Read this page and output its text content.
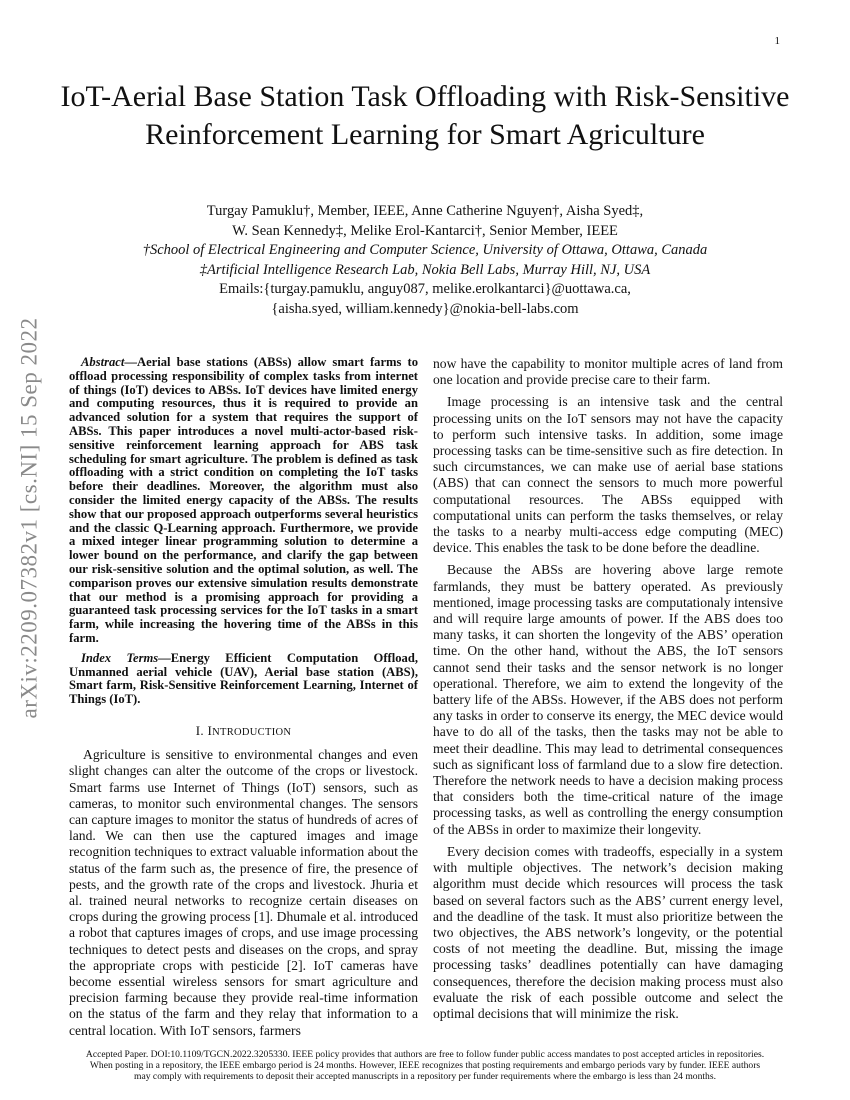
1
arXiv:2209.07382v1 [cs.NI] 15 Sep 2022
IoT-Aerial Base Station Task Offloading with Risk-Sensitive Reinforcement Learning for Smart Agriculture
Turgay Pamuklu†, Member, IEEE, Anne Catherine Nguyen†, Aisha Syed‡,
W. Sean Kennedy‡, Melike Erol-Kantarci†, Senior Member, IEEE
†School of Electrical Engineering and Computer Science, University of Ottawa, Ottawa, Canada
‡Artificial Intelligence Research Lab, Nokia Bell Labs, Murray Hill, NJ, USA
Emails:{turgay.pamuklu, anguy087, melike.erolkantarci}@uottawa.ca,
{aisha.syed, william.kennedy}@nokia-bell-labs.com

Abstract—Aerial base stations (ABSs) allow smart farms to offload processing responsibility of complex tasks from internet of things (IoT) devices to ABSs. IoT devices have limited energy and computing resources, thus it is required to provide an advanced solution for a system that requires the support of ABSs. This paper introduces a novel multi-actor-based risk-sensitive reinforcement learning approach for ABS task scheduling for smart agriculture. The problem is defined as task offloading with a strict condition on completing the IoT tasks before their deadlines. Moreover, the algorithm must also consider the limited energy capacity of the ABSs. The results show that our proposed approach outperforms several heuristics and the classic Q-Learning approach. Furthermore, we provide a mixed integer linear programming solution to determine a lower bound on the performance, and clarify the gap between our risk-sensitive solution and the optimal solution, as well. The comparison proves our extensive simulation results demonstrate that our method is a promising approach for providing a guaranteed task processing services for the IoT tasks in a smart farm, while increasing the hovering time of the ABSs in this farm.

Index Terms—Energy Efficient Computation Offload, Unmanned aerial vehicle (UAV), Aerial base station (ABS), Smart farm, Risk-Sensitive Reinforcement Learning, Internet of Things (IoT).

I. INTRODUCTION

Agriculture is sensitive to environmental changes and even slight changes can alter the outcome of the crops or livestock. Smart farms use Internet of Things (IoT) sensors, such as cameras, to monitor such environmental changes. The sensors can capture images to monitor the status of hundreds of acres of land. We can then use the captured images and image recognition techniques to extract valuable information about the status of the farm such as, the presence of fire, the presence of pests, and the growth rate of the crops and livestock. Jhuria et al. trained neural networks to recognize certain diseases on crops during the growing process [1]. Dhumale et al. introduced a robot that captures images of crops, and use image processing techniques to detect pests and diseases on the crops, and spray the appropriate crops with pesticide [2]. IoT cameras have become essential wireless sensors for smart agriculture and precision farming because they provide real-time information on the status of the farm and they relay that information to a central location. With IoT sensors, farmers

now have the capability to monitor multiple acres of land from one location and provide precise care to their farm.

Image processing is an intensive task and the central processing units on the IoT sensors may not have the capacity to perform such intensive tasks. In addition, some image processing tasks can be time-sensitive such as fire detection. In such circumstances, we can make use of aerial base stations (ABS) that can connect the sensors to much more powerful computational resources. The ABSs equipped with computational units can perform the tasks themselves, or relay the tasks to a nearby multi-access edge computing (MEC) device. This enables the task to be done before the deadline.

Because the ABSs are hovering above large remote farmlands, they must be battery operated. As previously mentioned, image processing tasks are computationaly intensive and will require large amounts of power. If the ABS does too many tasks, it can shorten the longevity of the ABS’ operation time. On the other hand, without the ABS, the IoT sensors cannot send their tasks and the sensor network is no longer operational. Therefore, we aim to extend the longevity of the battery life of the ABSs. However, if the ABS does not perform any tasks in order to conserve its energy, the MEC device would have to do all of the tasks, then the tasks may not be able to meet their deadline. This may lead to detrimental consequences such as significant loss of farmland due to a slow fire detection. Therefore the network needs to have a decision making process that considers both the time-critical nature of the image processing tasks, as well as controlling the energy consumption of the ABSs in order to maximize their longevity.

Every decision comes with tradeoffs, especially in a system with multiple objectives. The network’s decision making algorithm must decide which resources will process the task based on several factors such as the ABS’ current energy level, and the deadline of the task. It must also prioritize between the two objectives, the ABS network’s longevity, or the potential costs of not meeting the deadline. But, missing the image processing tasks’ deadlines potentially can have damaging consequences, therefore the decision making process must also evaluate the risk of each possible outcome and select the optimal decisions that will minimize the risk.

Accepted Paper. DOI:10.1109/TGCN.2022.3205330. IEEE policy provides that authors are free to follow funder public access mandates to post accepted articles in repositories.
When posting in a repository, the IEEE embargo period is 24 months. However, IEEE recognizes that posting requirements and embargo periods vary by funder. IEEE authors
may comply with requirements to deposit their accepted manuscripts in a repository per funder requirements where the embargo is less than 24 months.
